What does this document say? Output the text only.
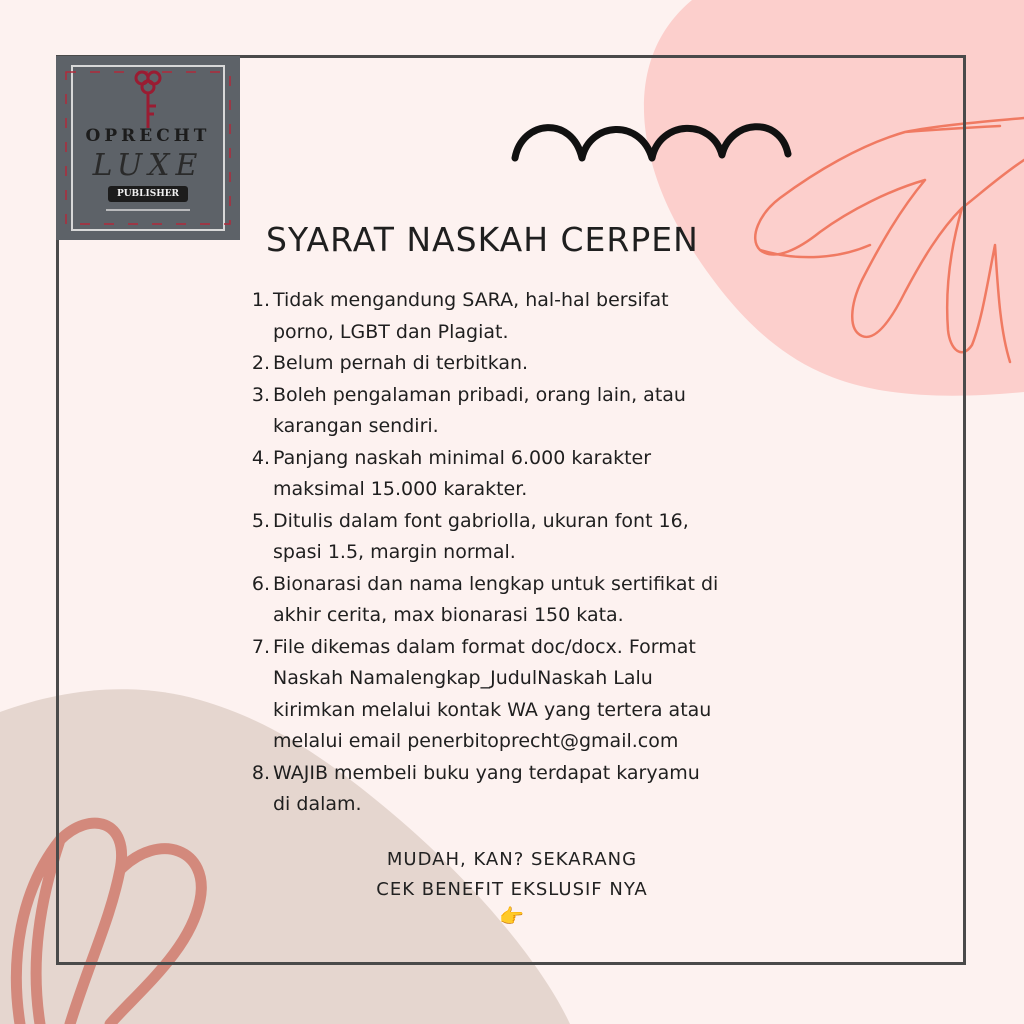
OPRECHT
LUXE
PUBLISHER
SYARAT NASKAH CERPEN
1. Tidak mengandung SARA, hal-hal bersifat
porno, LGBT dan Plagiat.
2. Belum pernah di terbitkan.
3. Boleh pengalaman pribadi, orang lain, atau
karangan sendiri.
4. Panjang naskah minimal 6.000 karakter
maksimal 15.000 karakter.
5. Ditulis dalam font gabriolla, ukuran font 16,
spasi 1.5, margin normal.
6. Bionarasi dan nama lengkap untuk sertifikat di
akhir cerita, max bionarasi 150 kata.
7. File dikemas dalam format doc/docx. Format
Naskah Namalengkap_JudulNaskah Lalu
kirimkan melalui kontak WA yang tertera atau
melalui email penerbitoprecht@gmail.com
8. WAJIB membeli buku yang terdapat karyamu
di dalam.
MUDAH, KAN? SEKARANG
CEK BENEFIT EKSLUSIF NYA
👉
